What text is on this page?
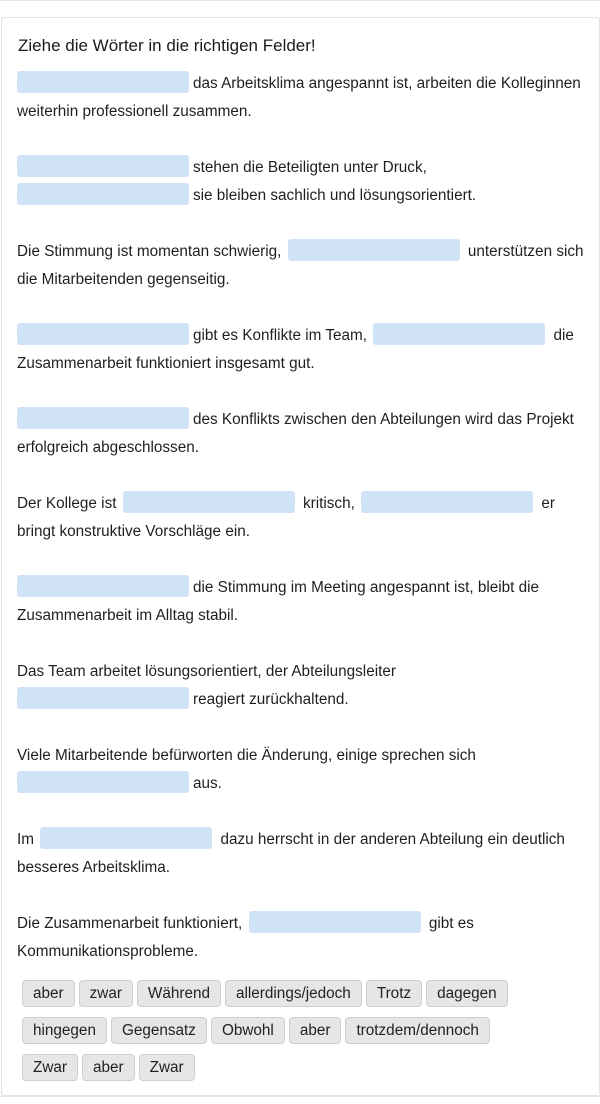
Ziehe die Wörter in die richtigen Felder!

das Arbeitsklima angespannt ist, arbeiten die Kolleginnen weiterhin professionell zusammen.

stehen die Beteiligten unter Druck,
sie bleiben sachlich und lösungsorientiert.

Die Stimmung ist momentan schwierig,	unterstützen sich die Mitarbeitenden gegenseitig.

gibt es Konflikte im Team,	die Zusammenarbeit funktioniert insgesamt gut.

des Konflikts zwischen den Abteilungen wird das Projekt erfolgreich abgeschlossen.

Der Kollege ist	kritisch,	er bringt konstruktive Vorschläge ein.

die Stimmung im Meeting angespannt ist, bleibt die Zusammenarbeit im Alltag stabil.

Das Team arbeitet lösungsorientiert, der Abteilungsleiter
reagiert zurückhaltend.

Viele Mitarbeitende befürworten die Änderung, einige sprechen sich
aus.

Im	dazu herrscht in der anderen Abteilung ein deutlich besseres Arbeitsklima.

Die Zusammenarbeit funktioniert,	gibt es Kommunikationsprobleme.

aber zwar Während allerdings/jedoch Trotz dagegen
hingegen Gegensatz Obwohl aber trotzdem/dennoch
Zwar aber Zwar
